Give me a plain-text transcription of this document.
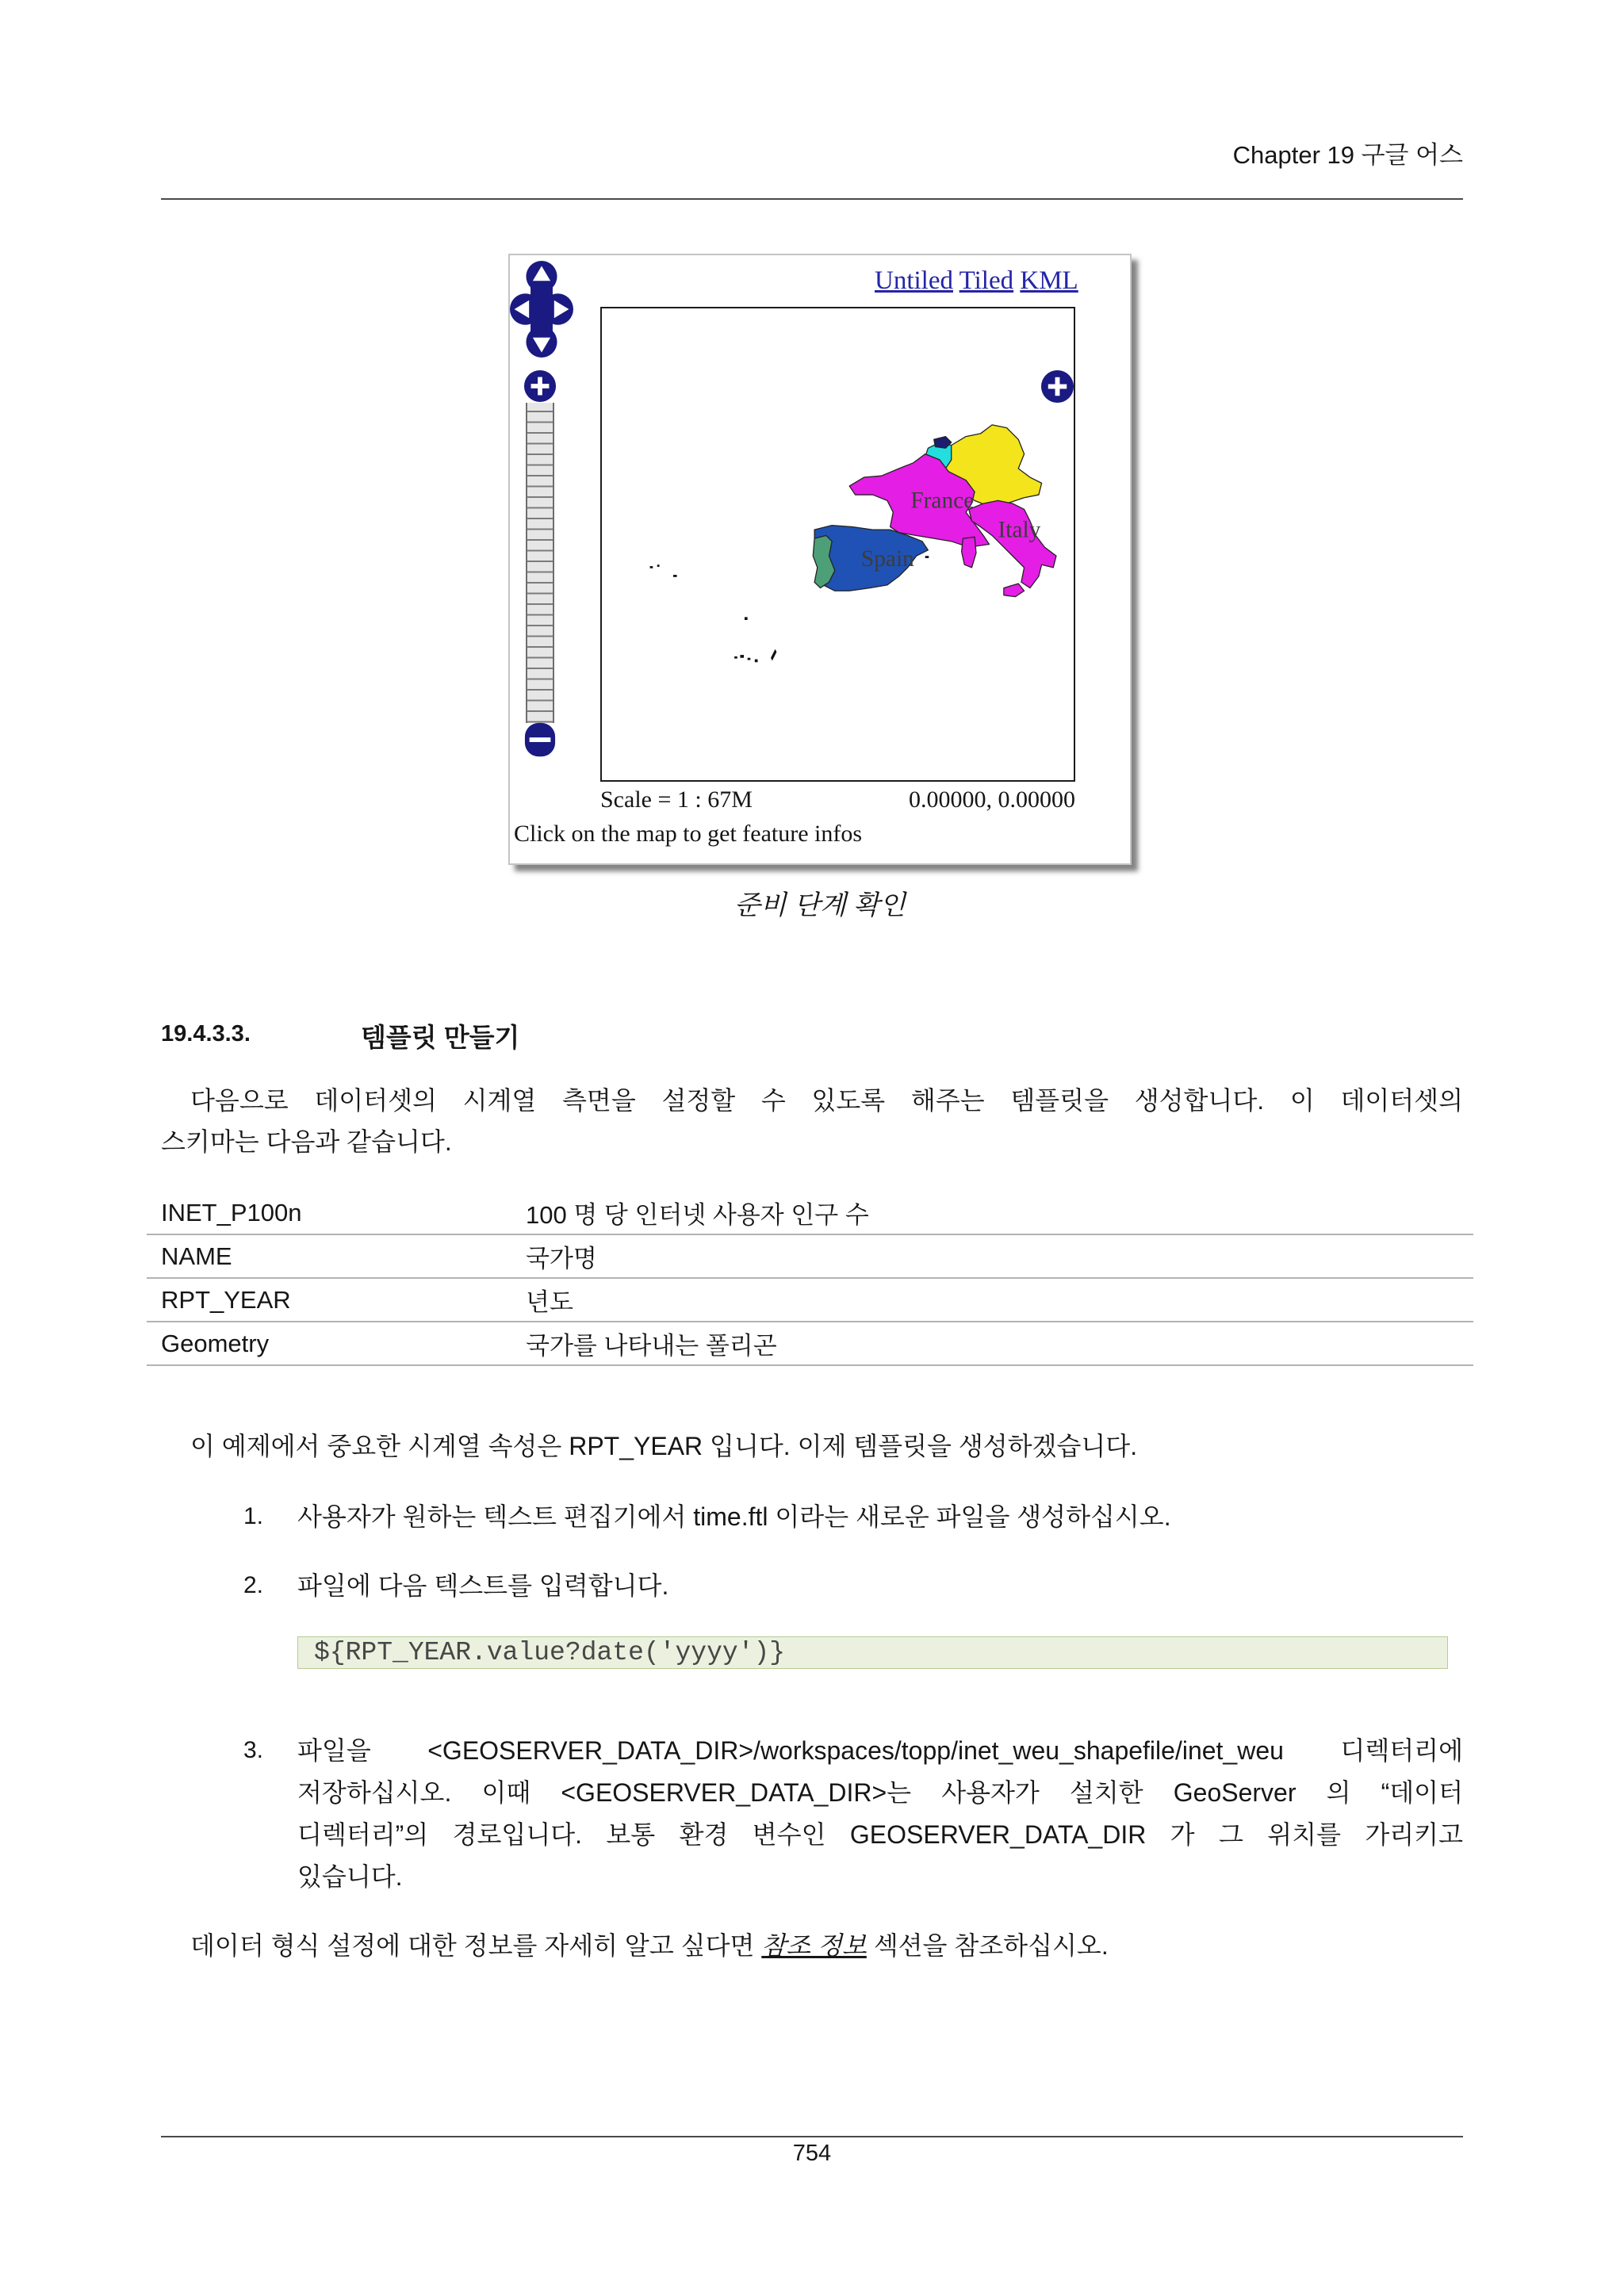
Chapter 19 구글 어스
Untiled Tiled KML
France
Italy
Spain
Scale = 1 : 67M	0.00000, 0.00000
Click on the map to get feature infos
준비 단계 확인
19.4.3.3.	템플릿 만들기
다음으로 데이터셋의 시계열 측면을 설정할 수 있도록 해주는 템플릿을 생성합니다. 이 데이터셋의
스키마는 다음과 같습니다.
INET_P100n	100 명 당 인터넷 사용자 인구 수
NAME	국가명
RPT_YEAR	년도
Geometry	국가를 나타내는 폴리곤
이 예제에서 중요한 시계열 속성은 RPT_YEAR 입니다. 이제 템플릿을 생성하겠습니다.
1. 사용자가 원하는 텍스트 편집기에서 time.ftl 이라는 새로운 파일을 생성하십시오.
2. 파일에 다음 텍스트를 입력합니다.
${RPT_YEAR.value?date('yyyy')}
3. 파일을 <GEOSERVER_DATA_DIR>/workspaces/topp/inet_weu_shapefile/inet_weu 디렉터리에
저장하십시오. 이때 <GEOSERVER_DATA_DIR>는 사용자가 설치한 GeoServer 의 “데이터
디렉터리”의 경로입니다. 보통 환경 변수인 GEOSERVER_DATA_DIR 가 그 위치를 가리키고
있습니다.
데이터 형식 설정에 대한 정보를 자세히 알고 싶다면 참조 정보 섹션을 참조하십시오.
754
